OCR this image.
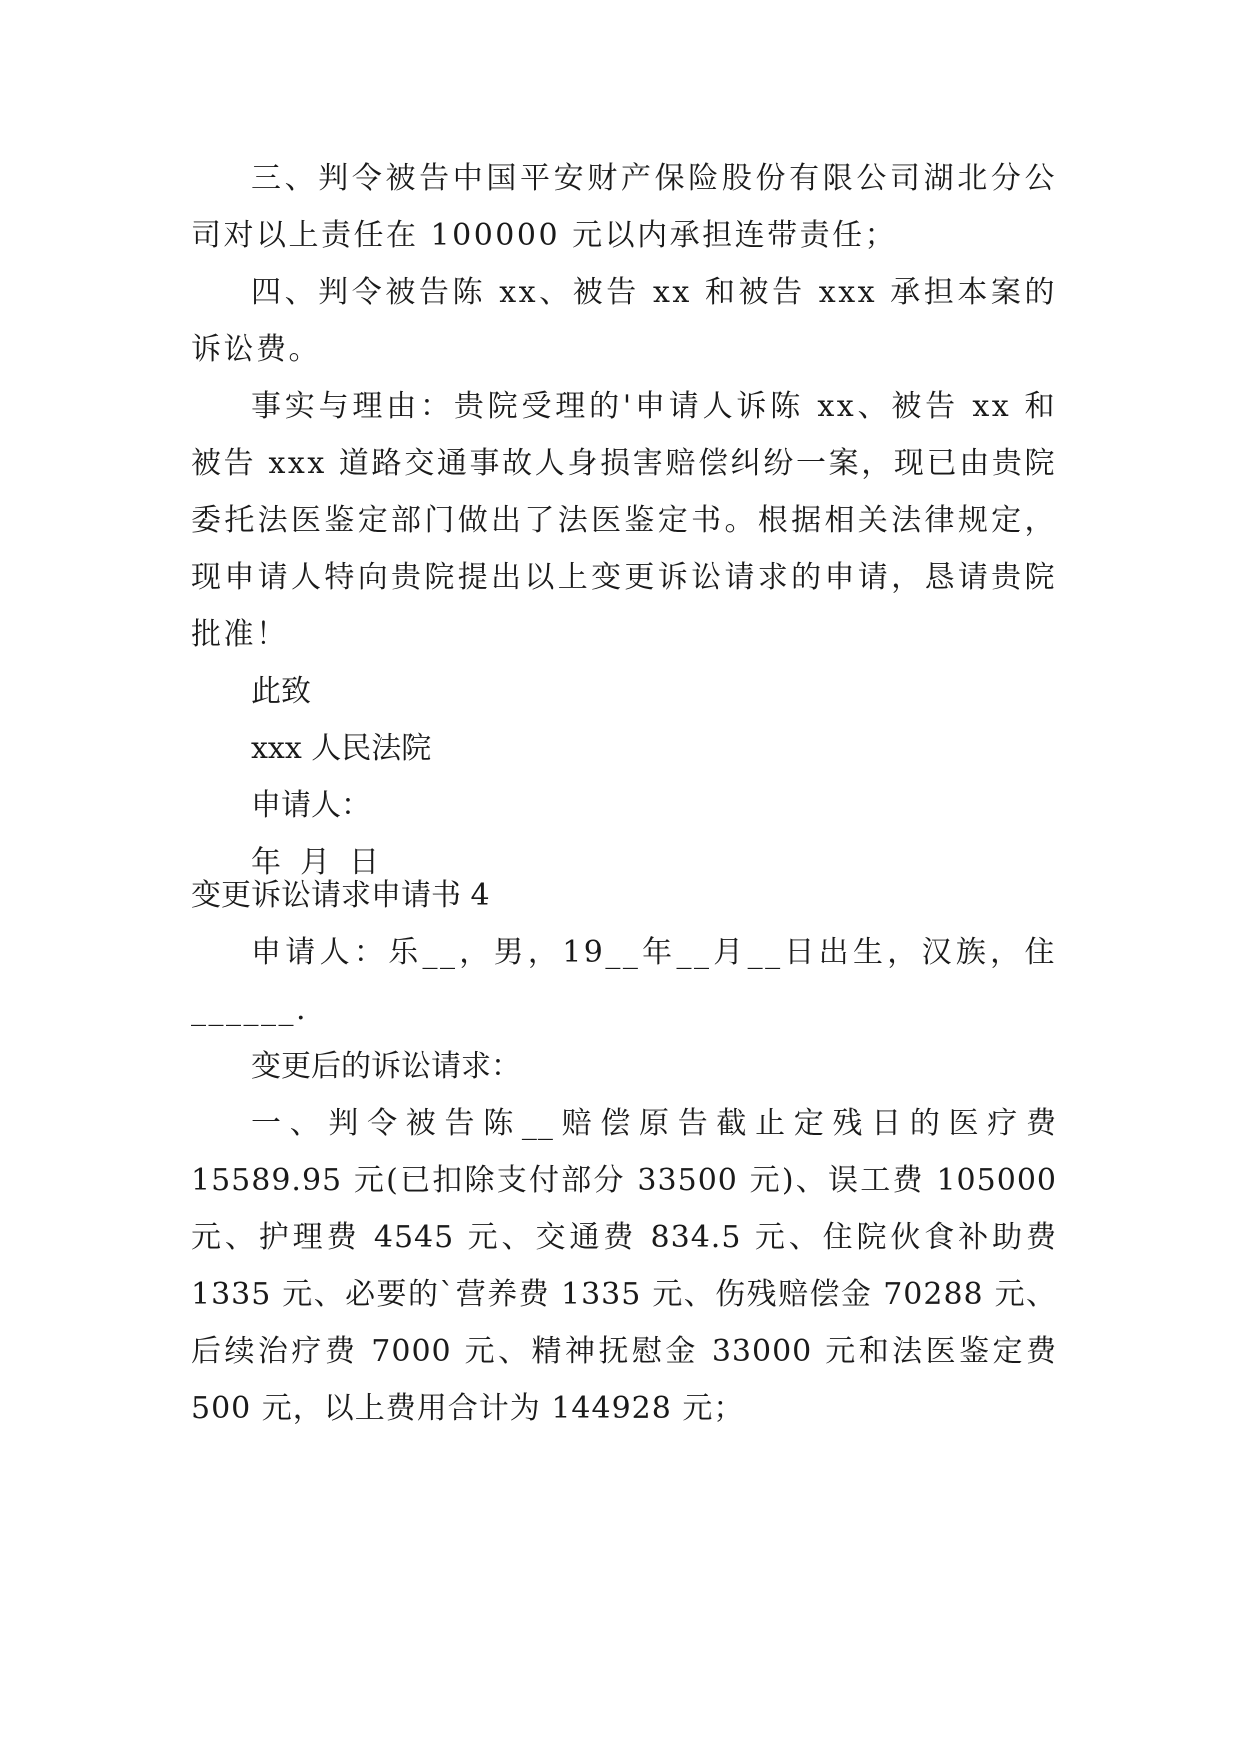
三、判令被告中国平安财产保险股份有限公司湖北分公司对以上责任在 100000 元以内承担连带责任；

四、判令被告陈 xx、被告 xx 和被告 xxx 承担本案的诉讼费。

事实与理由：贵院受理的'申请人诉陈 xx、被告 xx 和被告 xxx 道路交通事故人身损害赔偿纠纷一案，现已由贵院委托法医鉴定部门做出了法医鉴定书。根据相关法律规定，现申请人特向贵院提出以上变更诉讼请求的申请，恳请贵院批准！

此致

xxx 人民法院

申请人：

年  月  日

变更诉讼请求申请书 4

申请人：乐__，男，19__年__月__日出生，汉族，住______.

变更后的诉讼请求：

一、判令被告陈__赔偿原告截止定残日的医疗费 15589.95 元(已扣除支付部分 33500 元)、误工费 105000 元、护理费 4545 元、交通费 834.5 元、住院伙食补助费 1335 元、必要的`营养费 1335 元、伤残赔偿金 70288 元、后续治疗费 7000 元、精神抚慰金 33000 元和法医鉴定费 500 元，以上费用合计为 144928 元；
